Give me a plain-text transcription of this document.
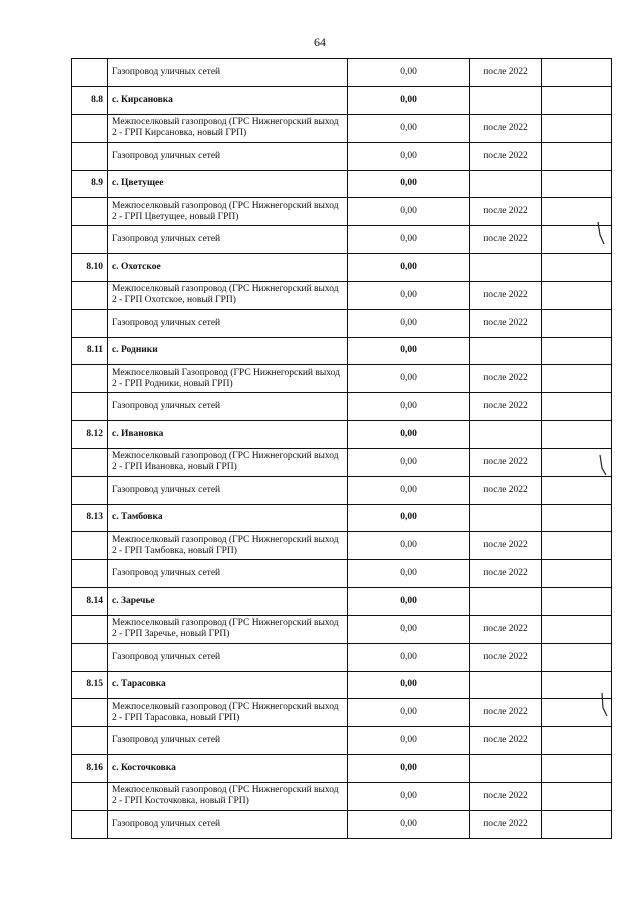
64
	Газопровод уличных сетей	0,00	после 2022	
8.8	с. Кирсановка	0,00		
	Межпоселковый газопровод (ГРС Нижнегорский выход 2 - ГРП Кирсановка, новый ГРП)	0,00	после 2022	
	Газопровод уличных сетей	0,00	после 2022	
8.9	с. Цветущее	0,00		
	Межпоселковый газопровод (ГРС Нижнегорский выход 2 - ГРП Цветущее, новый ГРП)	0,00	после 2022	
	Газопровод уличных сетей	0,00	после 2022	
8.10	с. Охотское	0,00		
	Межпоселковый газопровод (ГРС Нижнегорский выход 2 - ГРП Охотское, новый ГРП)	0,00	после 2022	
	Газопровод уличных сетей	0,00	после 2022	
8.11	с. Родники	0,00		
	Межпоселковый Газопровод (ГРС Нижнегорский выход 2 - ГРП Родники, новый ГРП)	0,00	после 2022	
	Газопровод уличных сетей	0,00	после 2022	
8.12	с. Ивановка	0,00		
	Межпоселковый газопровод (ГРС Нижнегорский выход 2 - ГРП Ивановка, новый ГРП)	0,00	после 2022	
	Газопровод уличных сетей	0,00	после 2022	
8.13	с. Тамбовка	0,00		
	Межпоселковый газопровод (ГРС Нижнегорский выход 2 - ГРП Тамбовка, новый ГРП)	0,00	после 2022	
	Газопровод уличных сетей	0,00	после 2022	
8.14	с. Заречье	0,00		
	Межпоселковый газопровод (ГРС Нижнегорский выход 2 - ГРП Заречье, новый ГРП)	0,00	после 2022	
	Газопровод уличных сетей	0,00	после 2022	
8.15	с. Тарасовка	0,00		
	Межпоселковый газопровод (ГРС Нижнегорский выход 2 - ГРП Тарасовка, новый ГРП)	0,00	после 2022	
	Газопровод уличных сетей	0,00	после 2022	
8.16	с. Косточковка	0,00		
	Межпоселковый газопровод (ГРС Нижнегорский выход 2 - ГРП Косточковка, новый ГРП)	0,00	после 2022	
	Газопровод уличных сетей	0,00	после 2022	
